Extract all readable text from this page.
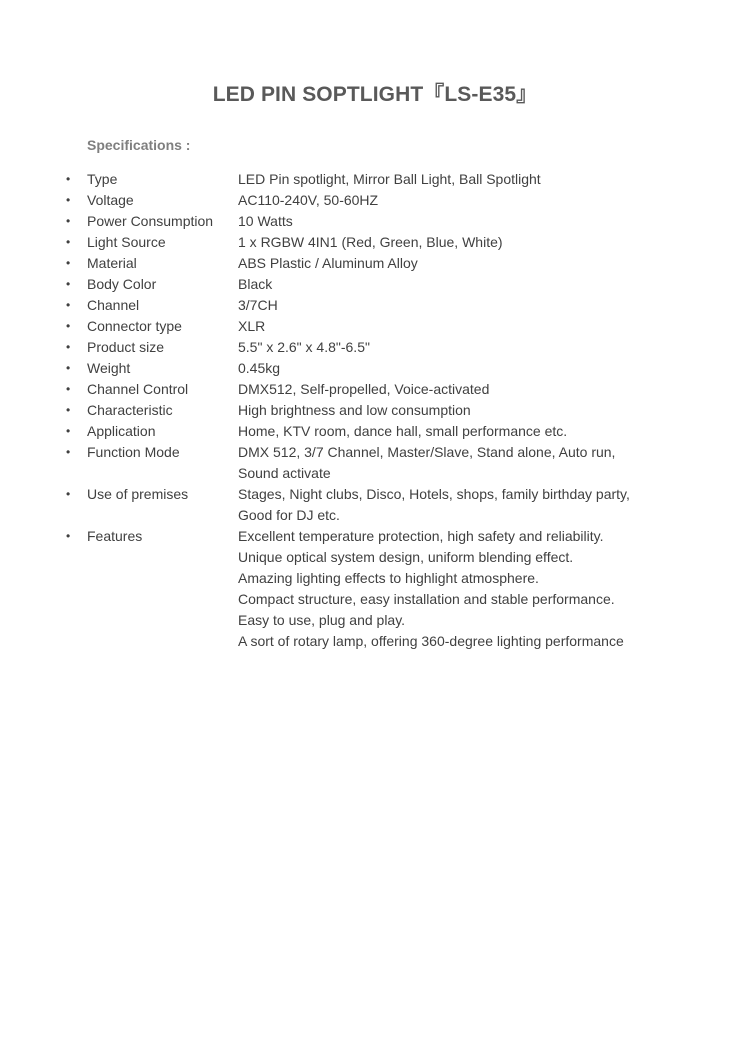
LED PIN SOPTLIGHT『LS-E35』
Specifications :
• Type	LED Pin spotlight, Mirror Ball Light, Ball Spotlight
• Voltage	AC110-240V, 50-60HZ
• Power Consumption 10 Watts
• Light Source	1 x RGBW 4IN1 (Red, Green, Blue, White)
• Material	ABS Plastic / Aluminum Alloy
• Body Color	Black
• Channel	3/7CH
• Connector type	XLR
• Product size	5.5" x 2.6" x 4.8"-6.5"
• Weight	0.45kg
• Channel Control	DMX512, Self-propelled, Voice-activated
• Characteristic	High brightness and low consumption
• Application	Home, KTV room, dance hall, small performance etc.
• Function Mode	DMX 512, 3/7 Channel, Master/Slave, Stand alone, Auto run,
Sound activate
• Use of premises	Stages, Night clubs, Disco, Hotels, shops, family birthday party,
Good for DJ etc.
• Features	Excellent temperature protection, high safety and reliability.
Unique optical system design, uniform blending effect.
Amazing lighting effects to highlight atmosphere.
Compact structure, easy installation and stable performance.
Easy to use, plug and play.
A sort of rotary lamp, offering 360-degree lighting performance
